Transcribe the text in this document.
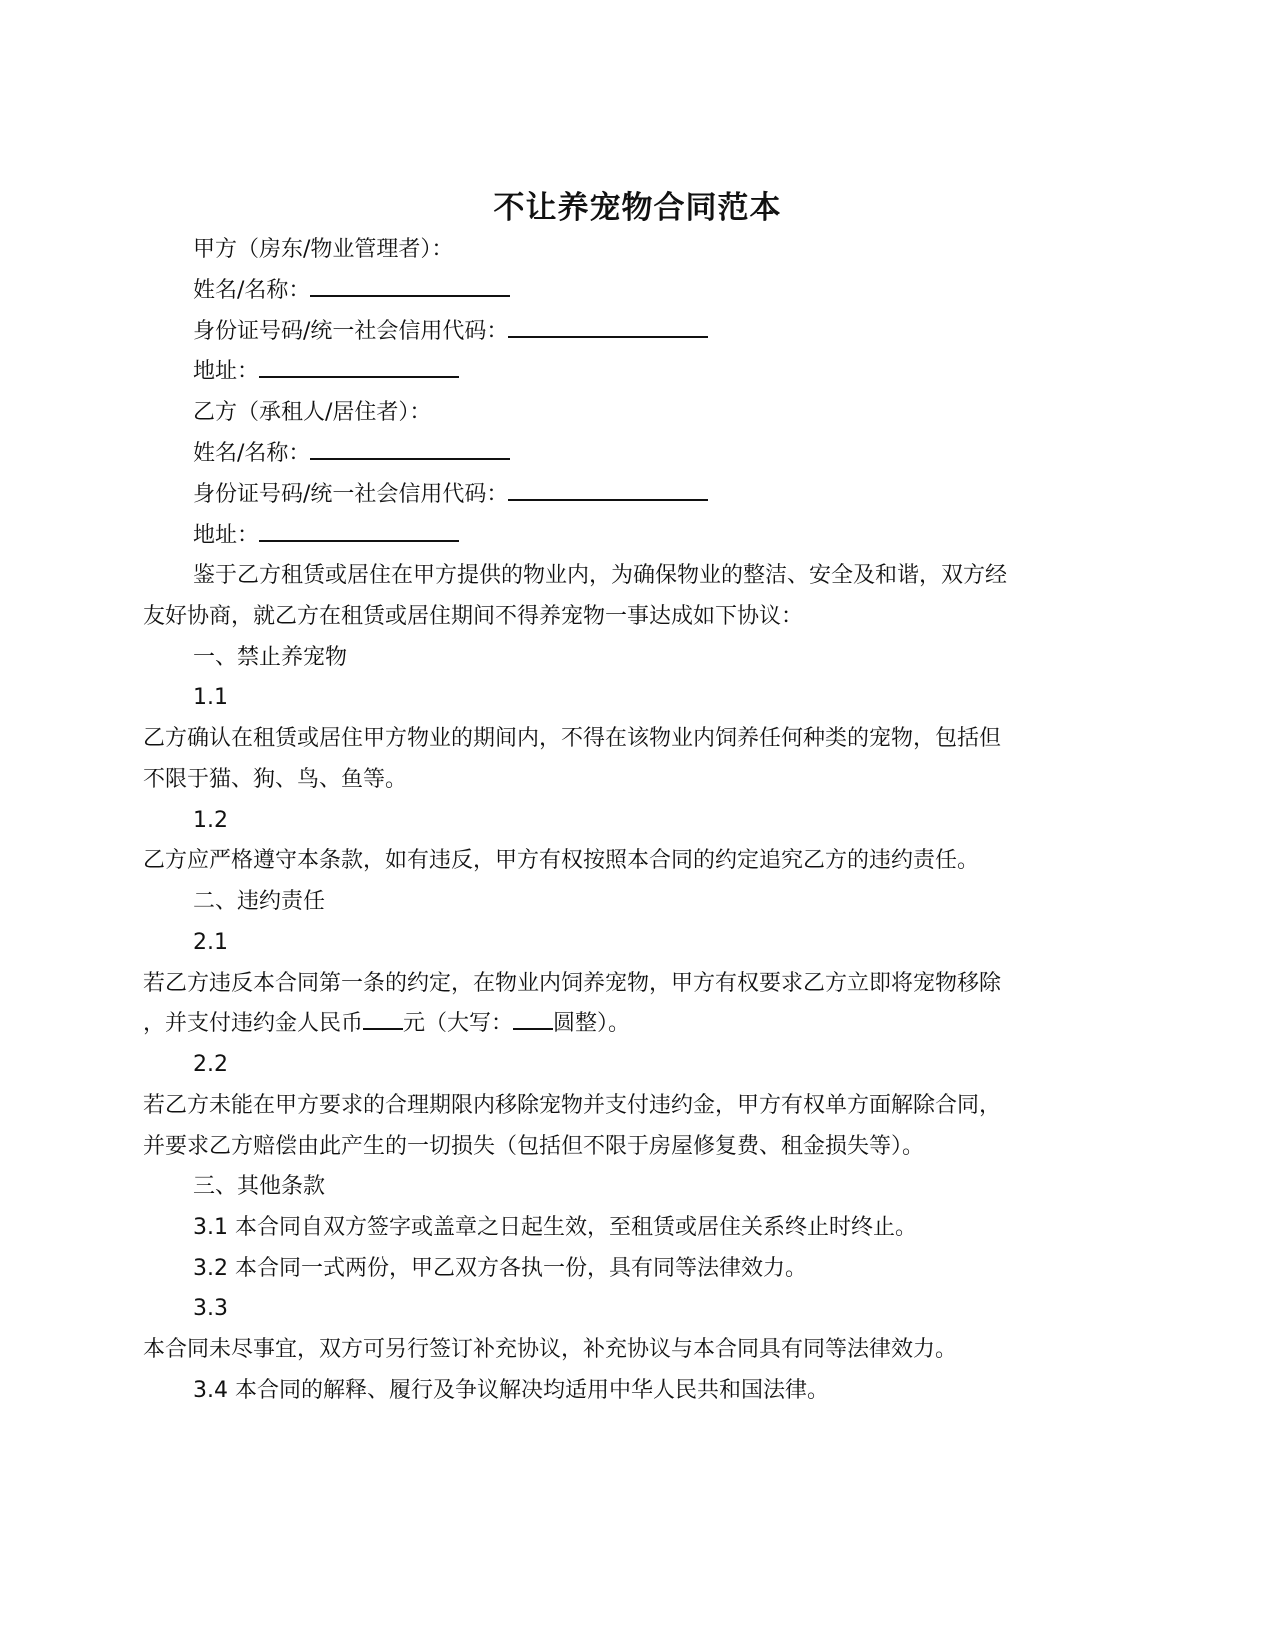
不让养宠物合同范本
甲方（房东/物业管理者）：
姓名/名称：
身份证号码/统一社会信用代码：
地址：
乙方（承租人/居住者）：
姓名/名称：
身份证号码/统一社会信用代码：
地址：
鉴于乙方租赁或居住在甲方提供的物业内，为确保物业的整洁、安全及和谐，双方经
友好协商，就乙方在租赁或居住期间不得养宠物一事达成如下协议：
一、禁止养宠物
1.1
乙方确认在租赁或居住甲方物业的期间内，不得在该物业内饲养任何种类的宠物，包括但
不限于猫、狗、鸟、鱼等。
1.2
乙方应严格遵守本条款，如有违反，甲方有权按照本合同的约定追究乙方的违约责任。
二、违约责任
2.1
若乙方违反本合同第一条的约定，在物业内饲养宠物，甲方有权要求乙方立即将宠物移除
，并支付违约金人民币 元（大写： 圆整）。
2.2
若乙方未能在甲方要求的合理期限内移除宠物并支付违约金，甲方有权单方面解除合同，
并要求乙方赔偿由此产生的一切损失（包括但不限于房屋修复费、租金损失等）。
三、其他条款
3.1 本合同自双方签字或盖章之日起生效，至租赁或居住关系终止时终止。
3.2 本合同一式两份，甲乙双方各执一份，具有同等法律效力。
3.3
本合同未尽事宜，双方可另行签订补充协议，补充协议与本合同具有同等法律效力。
3.4 本合同的解释、履行及争议解决均适用中华人民共和国法律。
